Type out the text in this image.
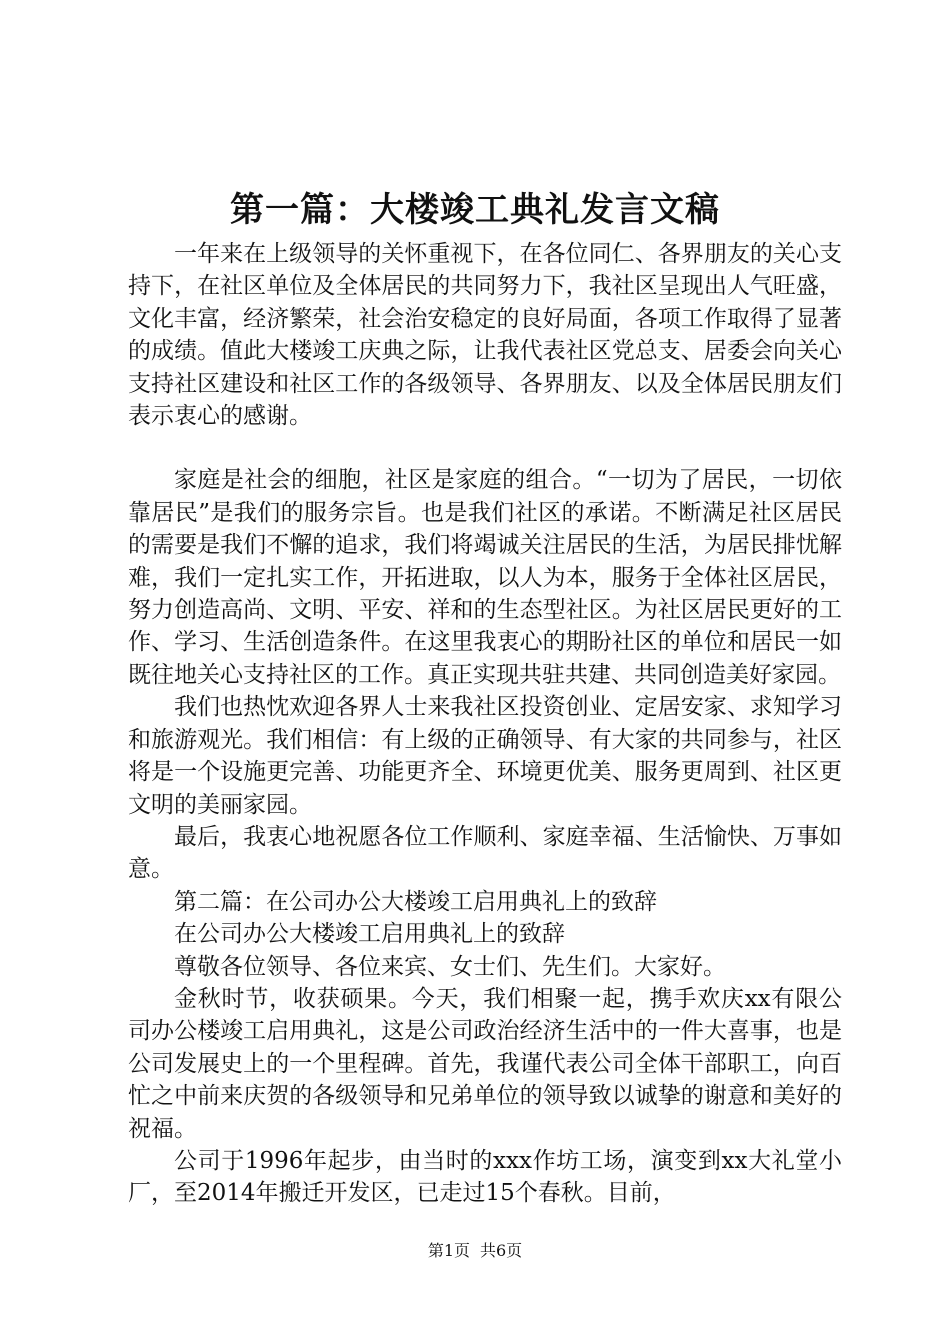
第一篇：大楼竣工典礼发言文稿

一年来在上级领导的关怀重视下，在各位同仁、各界朋友的关心支持下，在社区单位及全体居民的共同努力下，我社区呈现出人气旺盛，文化丰富，经济繁荣，社会治安稳定的良好局面，各项工作取得了显著的成绩。值此大楼竣工庆典之际，让我代表社区党总支、居委会向关心支持社区建设和社区工作的各级领导、各界朋友、以及全体居民朋友们表示衷心的感谢。

家庭是社会的细胞，社区是家庭的组合。“一切为了居民，一切依靠居民”是我们的服务宗旨。也是我们社区的承诺。不断满足社区居民的需要是我们不懈的追求，我们将竭诚关注居民的生活，为居民排忧解难，我们一定扎实工作，开拓进取，以人为本，服务于全体社区居民，努力创造高尚、文明、平安、祥和的生态型社区。为社区居民更好的工作、学习、生活创造条件。在这里我衷心的期盼社区的单位和居民一如既往地关心支持社区的工作。真正实现共驻共建、共同创造美好家园。

我们也热忱欢迎各界人士来我社区投资创业、定居安家、求知学习和旅游观光。我们相信：有上级的正确领导、有大家的共同参与，社区将是一个设施更完善、功能更齐全、环境更优美、服务更周到、社区更文明的美丽家园。

最后，我衷心地祝愿各位工作顺利、家庭幸福、生活愉快、万事如意。

第二篇：在公司办公大楼竣工启用典礼上的致辞

在公司办公大楼竣工启用典礼上的致辞

尊敬各位领导、各位来宾、女士们、先生们。大家好。

金秋时节，收获硕果。今天，我们相聚一起，携手欢庆xx有限公司办公楼竣工启用典礼，这是公司政治经济生活中的一件大喜事，也是公司发展史上的一个里程碑。首先，我谨代表公司全体干部职工，向百忙之中前来庆贺的各级领导和兄弟单位的领导致以诚挚的谢意和美好的祝福。

公司于1996年起步，由当时的xxx作坊工场，演变到xx大礼堂小厂，至2014年搬迁开发区，已走过15个春秋。目前，

第1页 共6页
